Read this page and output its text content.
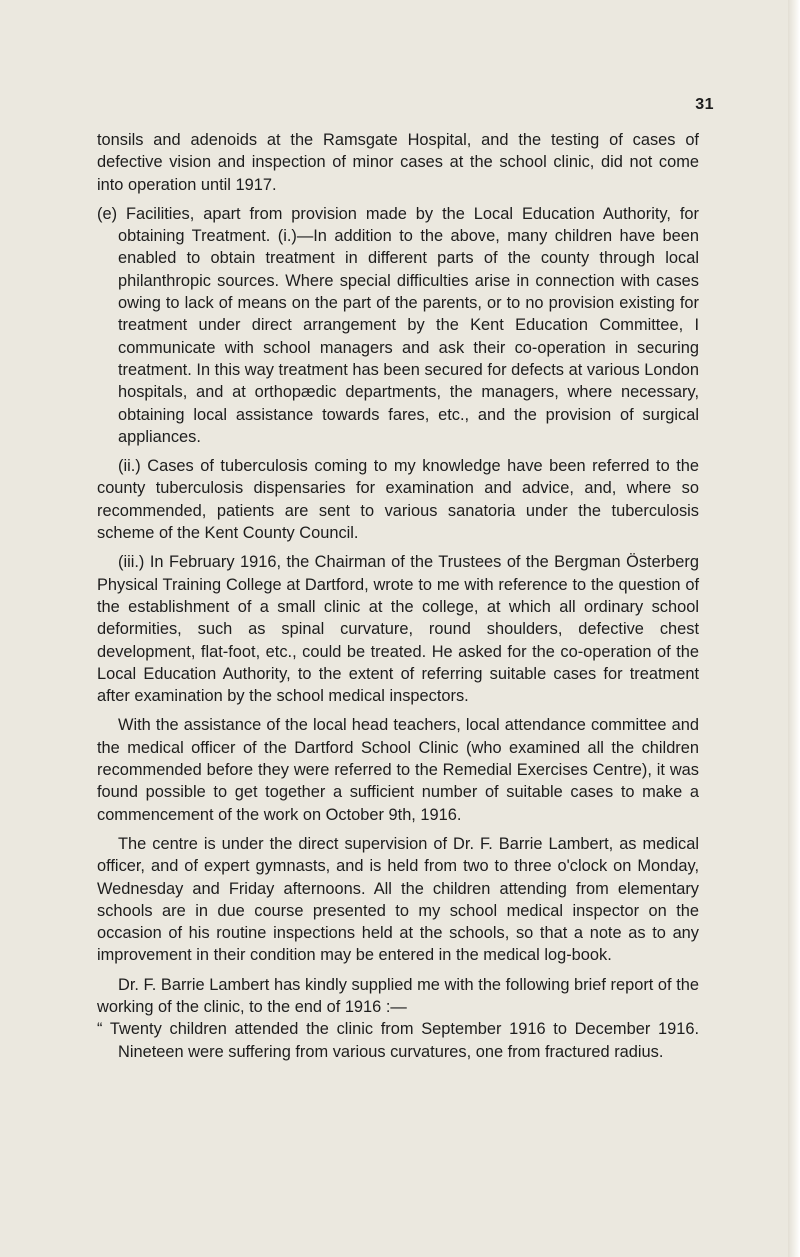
31

tonsils and adenoids at the Ramsgate Hospital, and the testing of cases of defective vision and inspection of minor cases at the school clinic, did not come into operation until 1917.

(e) Facilities, apart from provision made by the Local Education Authority, for obtaining Treatment. (i.)—In addition to the above, many children have been enabled to obtain treatment in different parts of the county through local philanthropic sources. Where special difficulties arise in connection with cases owing to lack of means on the part of the parents, or to no provision existing for treatment under direct arrangement by the Kent Education Committee, I communicate with school managers and ask their co-operation in securing treatment. In this way treatment has been secured for defects at various London hospitals, and at orthopædic departments, the managers, where necessary, obtaining local assistance towards fares, etc., and the provision of surgical appliances.

(ii.) Cases of tuberculosis coming to my knowledge have been referred to the county tuberculosis dispensaries for examination and advice, and, where so recommended, patients are sent to various sanatoria under the tuberculosis scheme of the Kent County Council.

(iii.) In February 1916, the Chairman of the Trustees of the Bergman Österberg Physical Training College at Dartford, wrote to me with reference to the question of the establishment of a small clinic at the college, at which all ordinary school deformities, such as spinal curvature, round shoulders, defective chest development, flat-foot, etc., could be treated. He asked for the co-operation of the Local Education Authority, to the extent of referring suitable cases for treatment after examination by the school medical inspectors.

With the assistance of the local head teachers, local attendance committee and the medical officer of the Dartford School Clinic (who examined all the children recommended before they were referred to the Remedial Exercises Centre), it was found possible to get together a sufficient number of suitable cases to make a commencement of the work on October 9th, 1916.

The centre is under the direct supervision of Dr. F. Barrie Lambert, as medical officer, and of expert gymnasts, and is held from two to three o'clock on Monday, Wednesday and Friday afternoons. All the children attending from elementary schools are in due course presented to my school medical inspector on the occasion of his routine inspections held at the schools, so that a note as to any improvement in their condition may be entered in the medical log-book.

Dr. F. Barrie Lambert has kindly supplied me with the following brief report of the working of the clinic, to the end of 1916 :—

“ Twenty children attended the clinic from September 1916 to December 1916. Nineteen were suffering from various curvatures, one from fractured radius.
